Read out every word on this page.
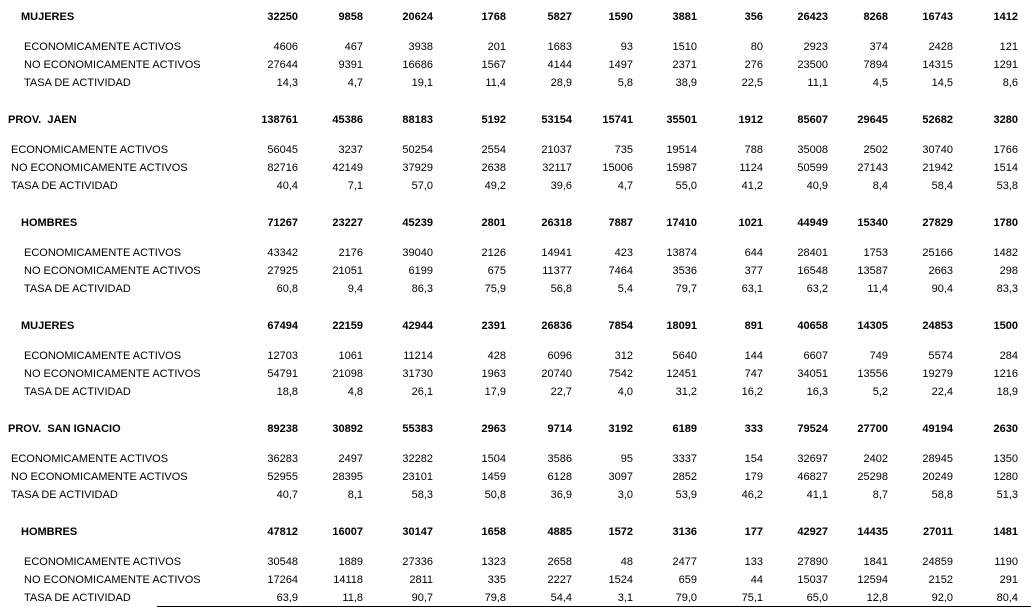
MUJERES	32250	9858	20624	1768	5827	1590	3881	356	26423	8268	16743	1412
ECONOMICAMENTE ACTIVOS	4606	467	3938	201	1683	93	1510	80	2923	374	2428	121
NO ECONOMICAMENTE ACTIVOS	27644	9391	16686	1567	4144	1497	2371	276	23500	7894	14315	1291
TASA DE ACTIVIDAD	14,3	4,7	19,1	11,4	28,9	5,8	38,9	22,5	11,1	4,5	14,5	8,6
PROV.  JAEN	138761	45386	88183	5192	53154	15741	35501	1912	85607	29645	52682	3280
ECONOMICAMENTE ACTIVOS	56045	3237	50254	2554	21037	735	19514	788	35008	2502	30740	1766
NO ECONOMICAMENTE ACTIVOS	82716	42149	37929	2638	32117	15006	15987	1124	50599	27143	21942	1514
TASA DE ACTIVIDAD	40,4	7,1	57,0	49,2	39,6	4,7	55,0	41,2	40,9	8,4	58,4	53,8
HOMBRES	71267	23227	45239	2801	26318	7887	17410	1021	44949	15340	27829	1780
ECONOMICAMENTE ACTIVOS	43342	2176	39040	2126	14941	423	13874	644	28401	1753	25166	1482
NO ECONOMICAMENTE ACTIVOS	27925	21051	6199	675	11377	7464	3536	377	16548	13587	2663	298
TASA DE ACTIVIDAD	60,8	9,4	86,3	75,9	56,8	5,4	79,7	63,1	63,2	11,4	90,4	83,3
MUJERES	67494	22159	42944	2391	26836	7854	18091	891	40658	14305	24853	1500
ECONOMICAMENTE ACTIVOS	12703	1061	11214	428	6096	312	5640	144	6607	749	5574	284
NO ECONOMICAMENTE ACTIVOS	54791	21098	31730	1963	20740	7542	12451	747	34051	13556	19279	1216
TASA DE ACTIVIDAD	18,8	4,8	26,1	17,9	22,7	4,0	31,2	16,2	16,3	5,2	22,4	18,9
PROV.  SAN IGNACIO	89238	30892	55383	2963	9714	3192	6189	333	79524	27700	49194	2630
ECONOMICAMENTE ACTIVOS	36283	2497	32282	1504	3586	95	3337	154	32697	2402	28945	1350
NO ECONOMICAMENTE ACTIVOS	52955	28395	23101	1459	6128	3097	2852	179	46827	25298	20249	1280
TASA DE ACTIVIDAD	40,7	8,1	58,3	50,8	36,9	3,0	53,9	46,2	41,1	8,7	58,8	51,3
HOMBRES	47812	16007	30147	1658	4885	1572	3136	177	42927	14435	27011	1481
ECONOMICAMENTE ACTIVOS	30548	1889	27336	1323	2658	48	2477	133	27890	1841	24859	1190
NO ECONOMICAMENTE ACTIVOS	17264	14118	2811	335	2227	1524	659	44	15037	12594	2152	291
TASA DE ACTIVIDAD	63,9	11,8	90,7	79,8	54,4	3,1	79,0	75,1	65,0	12,8	92,0	80,4
